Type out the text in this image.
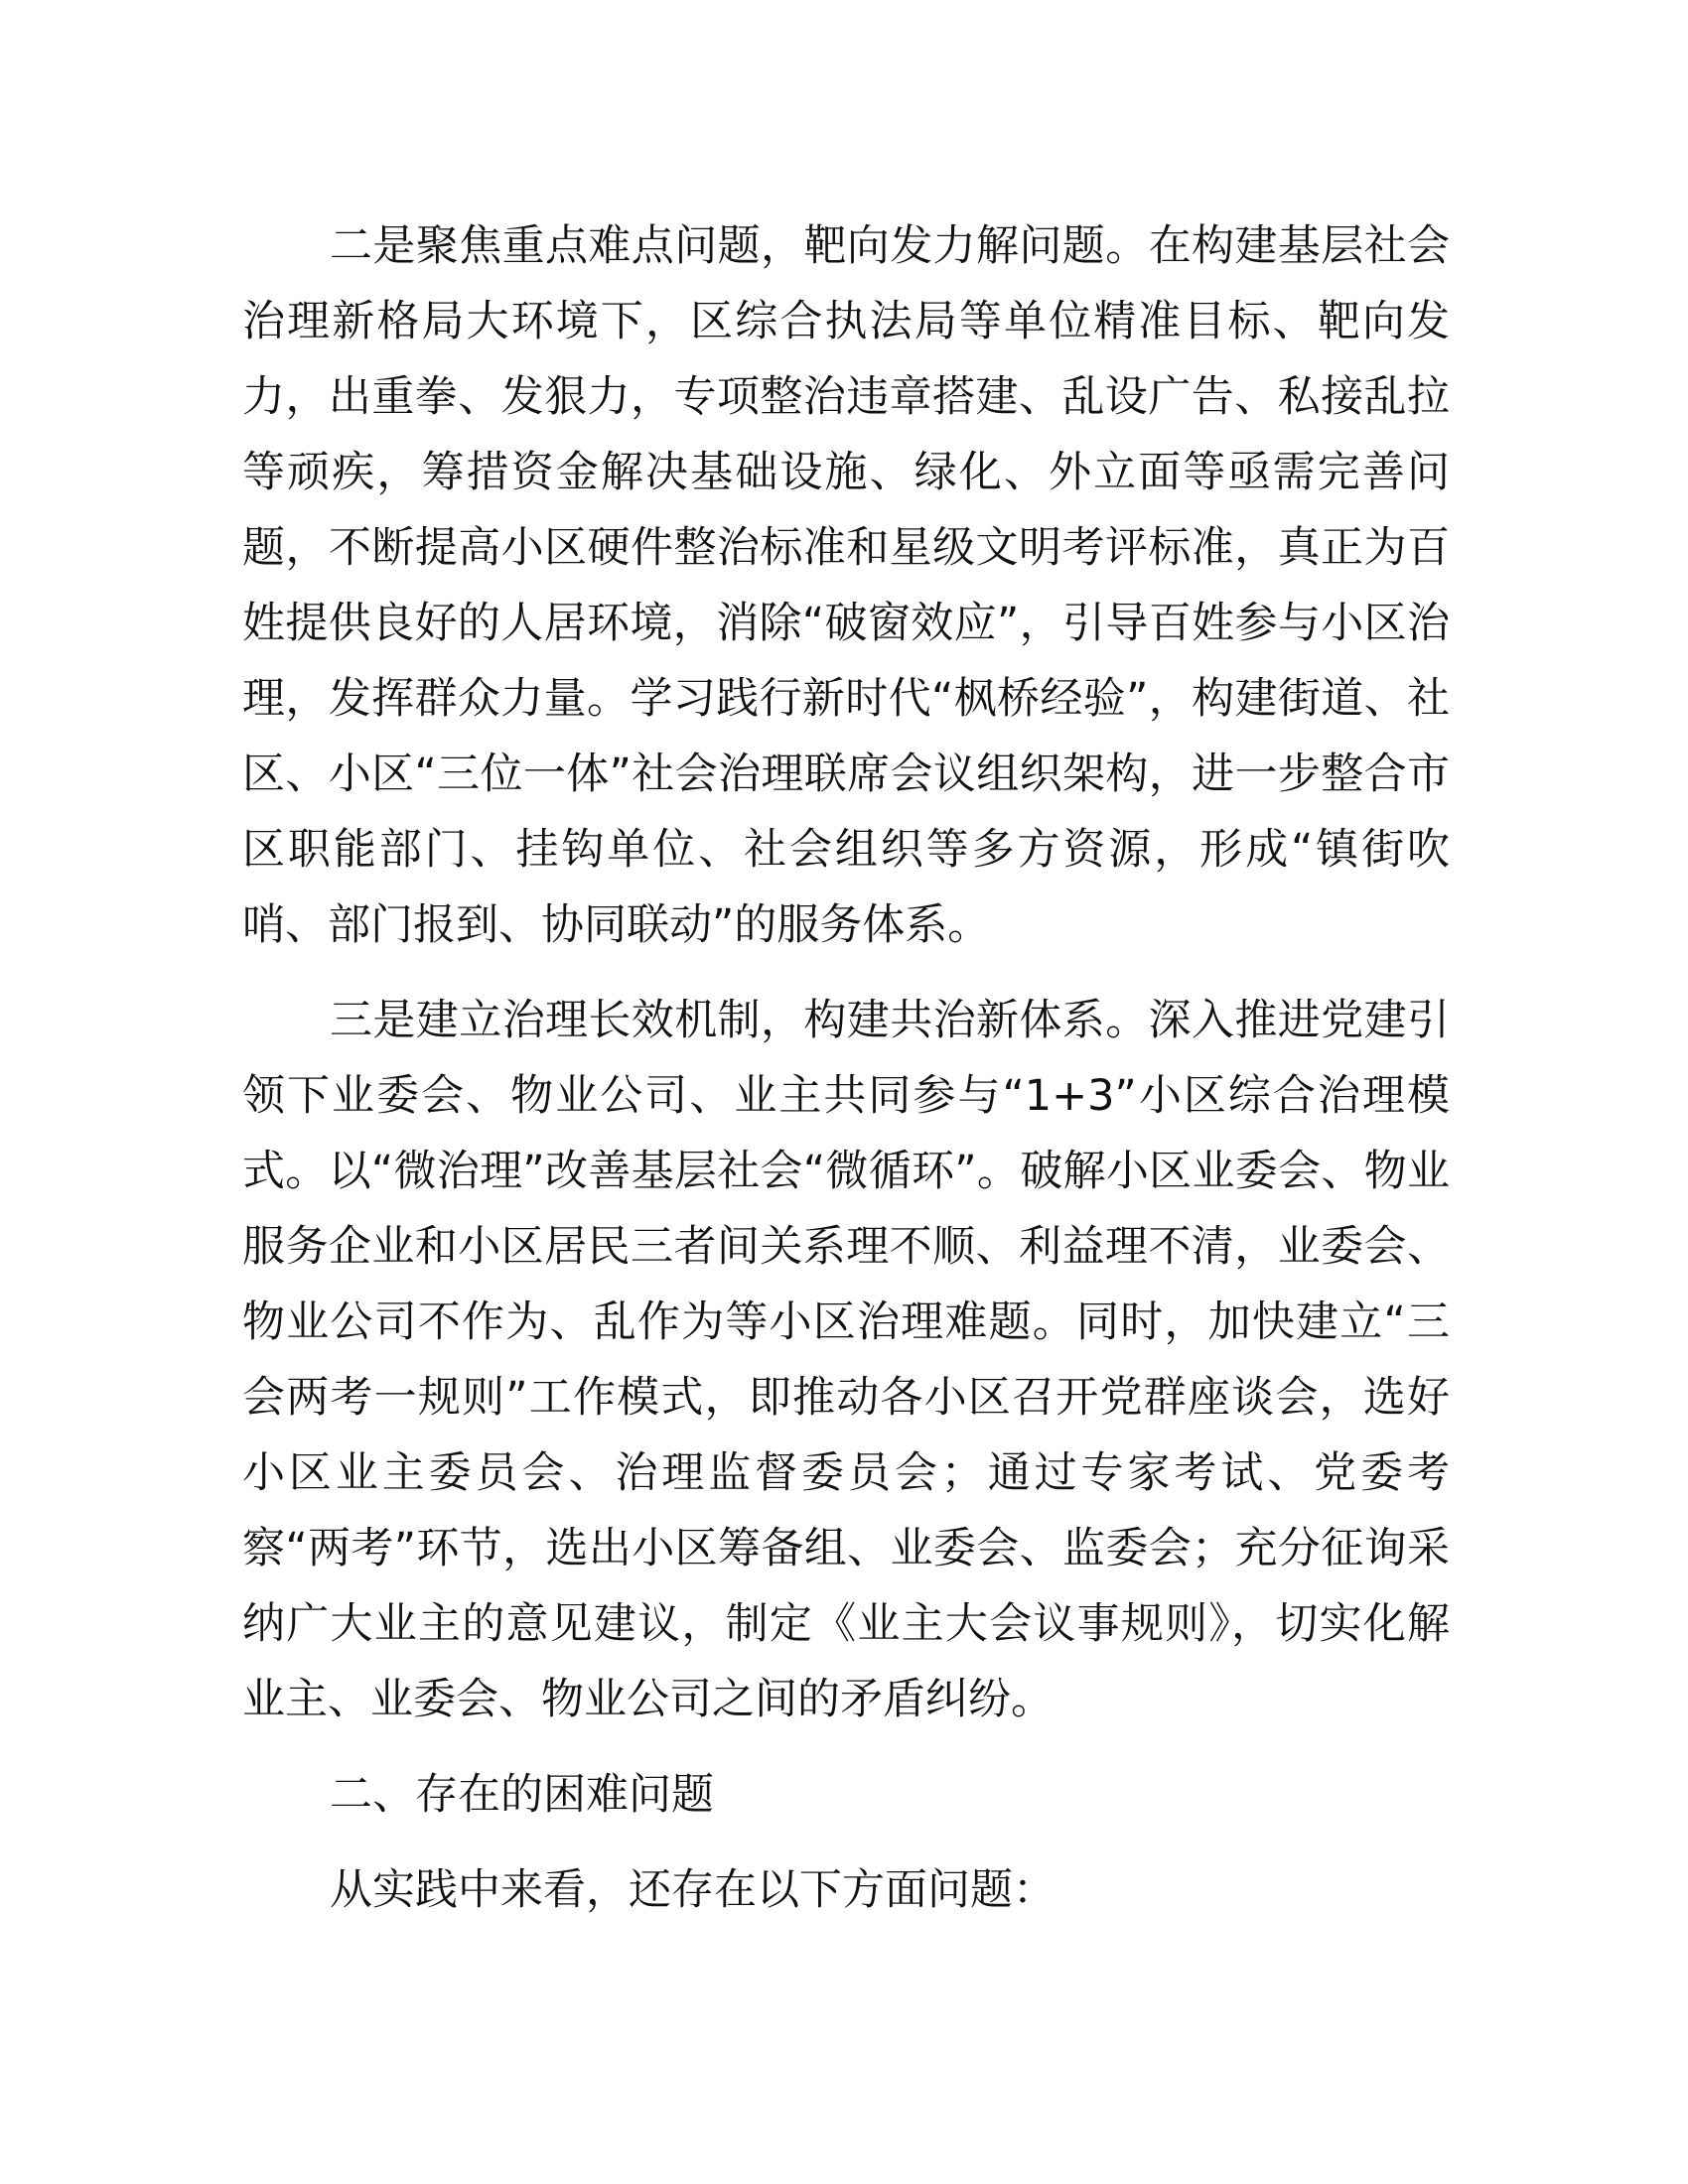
二是聚焦重点难点问题，靶向发力解问题。在构建基层社会治理新格局大环境下，区综合执法局等单位精准目标、靶向发力，出重拳、发狠力，专项整治违章搭建、乱设广告、私接乱拉等顽疾，筹措资金解决基础设施、绿化、外立面等亟需完善问题，不断提高小区硬件整治标准和星级文明考评标准，真正为百姓提供良好的人居环境，消除“破窗效应”，引导百姓参与小区治理，发挥群众力量。学习践行新时代“枫桥经验”，构建街道、社区、小区“三位一体”社会治理联席会议组织架构，进一步整合市区职能部门、挂钩单位、社会组织等多方资源，形成“镇街吹哨、部门报到、协同联动”的服务体系。

三是建立治理长效机制，构建共治新体系。深入推进党建引领下业委会、物业公司、业主共同参与“1+3”小区综合治理模式。以“微治理”改善基层社会“微循环”。破解小区业委会、物业服务企业和小区居民三者间关系理不顺、利益理不清，业委会、物业公司不作为、乱作为等小区治理难题。同时，加快建立“三会两考一规则”工作模式，即推动各小区召开党群座谈会，选好小区业主委员会、治理监督委员会；通过专家考试、党委考察“两考”环节，选出小区筹备组、业委会、监委会；充分征询采纳广大业主的意见建议，制定《业主大会议事规则》，切实化解业主、业委会、物业公司之间的矛盾纠纷。

二、存在的困难问题

从实践中来看，还存在以下方面问题：
